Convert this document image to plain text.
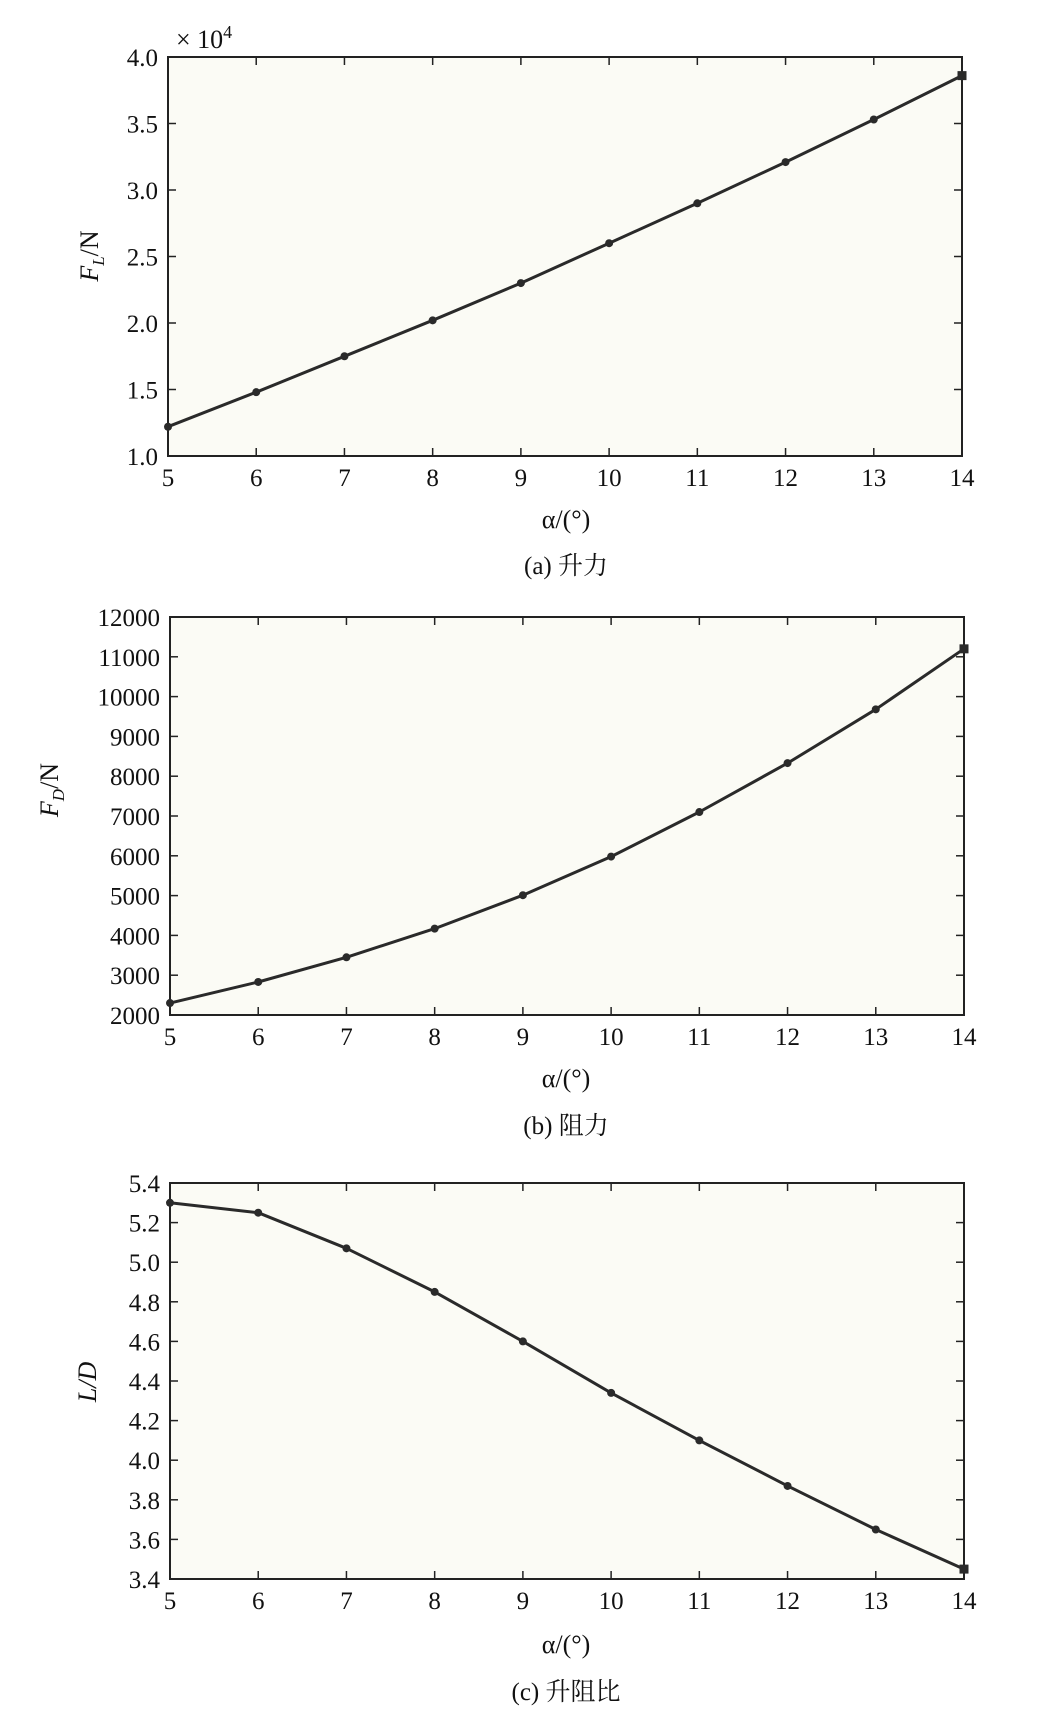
5	6	7	8	9	10	11	12	13	14
1.0
1.5
2.0
2.5
3.0
3.5
4.0
× $10^4$
$F_L/N$
α/(°)
(a) 升力
5	6	7	8	9	10	11	12	13	14
2000
3000
4000
5000
6000
7000
8000
9000
10000
11000
12000
$F_D/N$
α/(°)
(b) 阻力
5	6	7	8	9	10	11	12	13	14
3.4
3.6
3.8
4.0
4.2
4.4
4.6
4.8
5.0
5.2
5.4
L/D
α/(°)
(c) 升阻比
